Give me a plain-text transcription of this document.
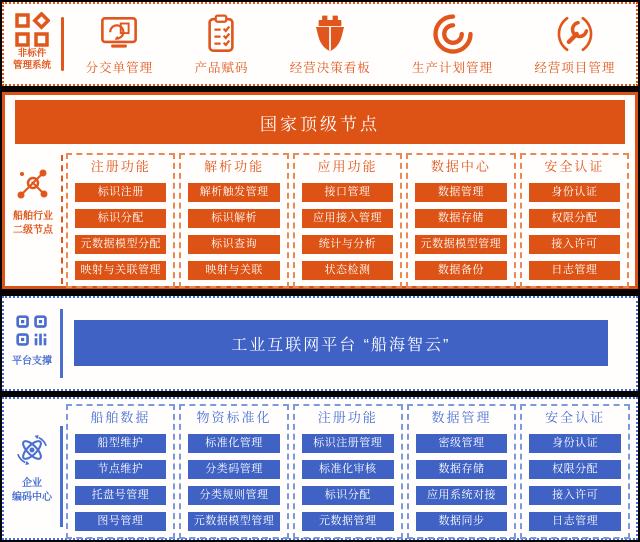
非标件
管理系统	分交单管理	产品赋码	经营决策看板	生产计划管理	经营项目管理
国家顶级节点
船舶行业
二级节点
注册功能
标识注册
标识分配
元数据模型分配
映射与关联管理
解析功能
解析触发管理
标识解析
标识查询
映射与关联
应用功能
接口管理
应用接入管理
统计与分析
状态检测
数据中心
数据管理
数据存储
元数据模型管理
数据备份
安全认证
身份认证
权限分配
接入许可
日志管理
平台支撑
工业互联网平台 “船海智云”
企业
编码中心
船舶数据
船型维护
节点维护
托盘号管理
图号管理
物资标准化
标准化管理
分类码管理
分类规则管理
元数据模型管理
注册功能
标识注册管理
标准化审核
标识分配
元数据管理
数据管理
密级管理
数据存储
应用系统对接
数据同步
安全认证
身份认证
权限分配
接入许可
日志管理
